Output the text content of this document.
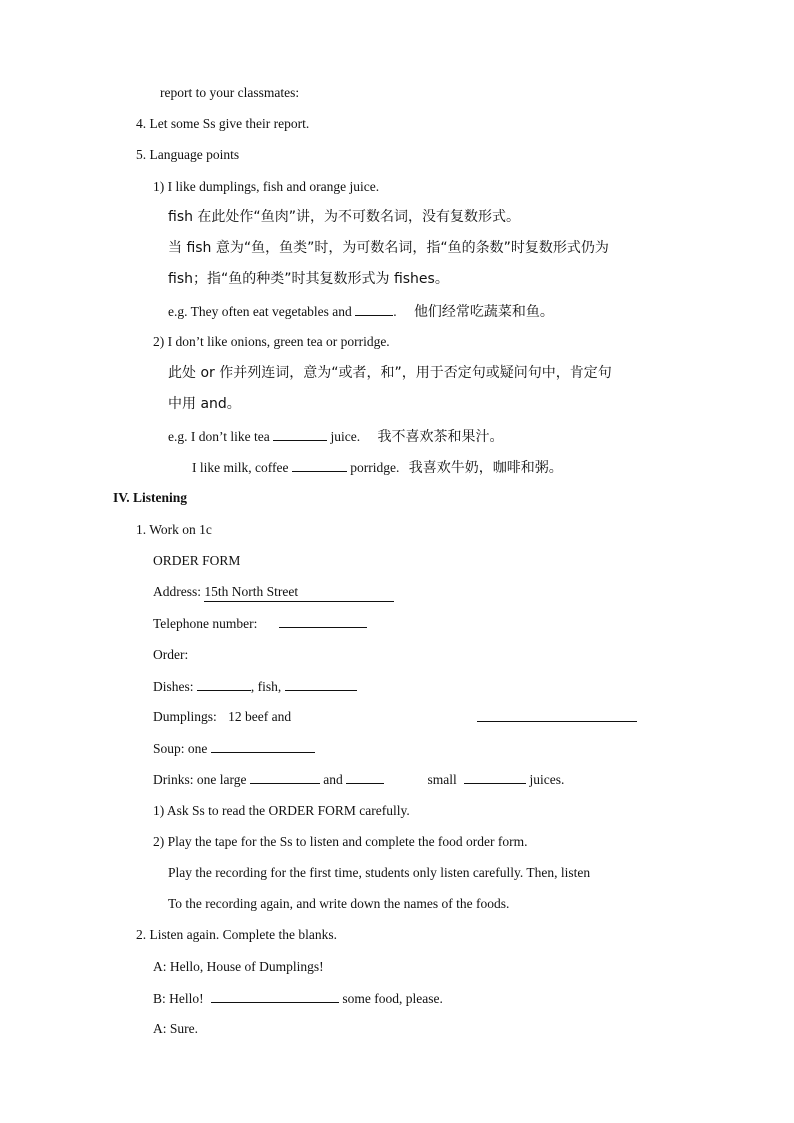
report to your classmates:
4. Let some Ss give their report.
5. Language points
1) I like dumplings, fish and orange juice.
fish 在此处作“鱼肉”讲，为不可数名词，没有复数形式。
当 fish 意为“鱼，鱼类”时，为可数名词，指“鱼的条数”时复数形式仍为
fish；指“鱼的种类”时其复数形式为 fishes。
e.g. They often eat vegetables and	. 他们经常吃蔬菜和鱼。
2) I don’t like onions, green tea or porridge.
此处 or 作并列连词，意为“或者，和”，用于否定句或疑问句中，肯定句
中用 and。
e.g. I don’t like tea	juice. 我不喜欢茶和果汁。
I like milk, coffee	porridge. 我喜欢牛奶，咖啡和粥。
IV. Listening
1. Work on 1c
ORDER FORM
Address: 15th North Street
Telephone number:
Order:
Dishes:	, fish,
Dumplings: 12 beef and
Soup: one
Drinks: one large	and	small	juices.
1) Ask Ss to read the ORDER FORM carefully.
2) Play the tape for the Ss to listen and complete the food order form.
Play the recording for the first time, students only listen carefully. Then, listen
To the recording again, and write down the names of the foods.
2. Listen again. Complete the blanks.
A: Hello, House of Dumplings!
B: Hello!	some food, please.
A: Sure.
